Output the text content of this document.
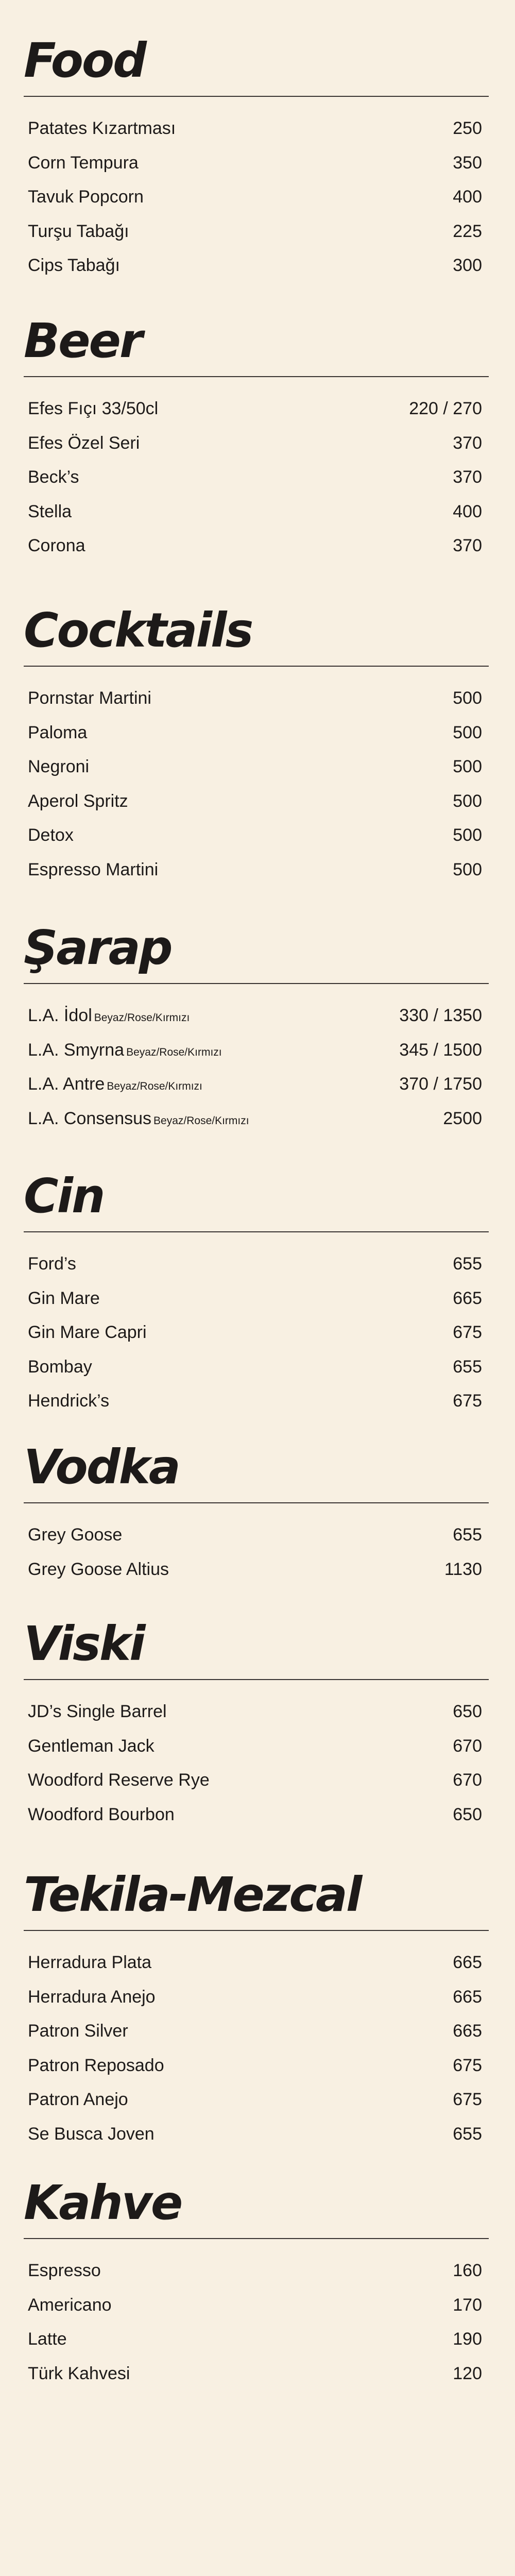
Food
Patates Kızartması	250
Corn Tempura	350
Tavuk Popcorn	400
Turşu Tabağı	225
Cips Tabağı	300
Beer
Efes Fıçı 33/50cl	220 / 270
Efes Özel Seri	370
Beck’s	370
Stella	400
Corona	370
Cocktails
Pornstar Martini	500
Paloma	500
Negroni	500
Aperol Spritz	500
Detox	500
Espresso Martini	500
Şarap
L.A. İdol Beyaz/Rose/Kırmızı	330 / 1350
L.A. Smyrna Beyaz/Rose/Kırmızı	345 / 1500
L.A. Antre Beyaz/Rose/Kırmızı	370 / 1750
L.A. Consensus Beyaz/Rose/Kırmızı	2500
Cin
Ford’s	655
Gin Mare	665
Gin Mare Capri	675
Bombay	655
Hendrick’s	675
Vodka
Grey Goose	655
Grey Goose Altius	1130
Viski
JD’s Single Barrel	650
Gentleman Jack	670
Woodford Reserve Rye	670
Woodford Bourbon	650
Tekila-Mezcal
Herradura Plata	665
Herradura Anejo	665
Patron Silver	665
Patron Reposado	675
Patron Anejo	675
Se Busca Joven	655
Kahve
Espresso	160
Americano	170
Latte	190
Türk Kahvesi	120
